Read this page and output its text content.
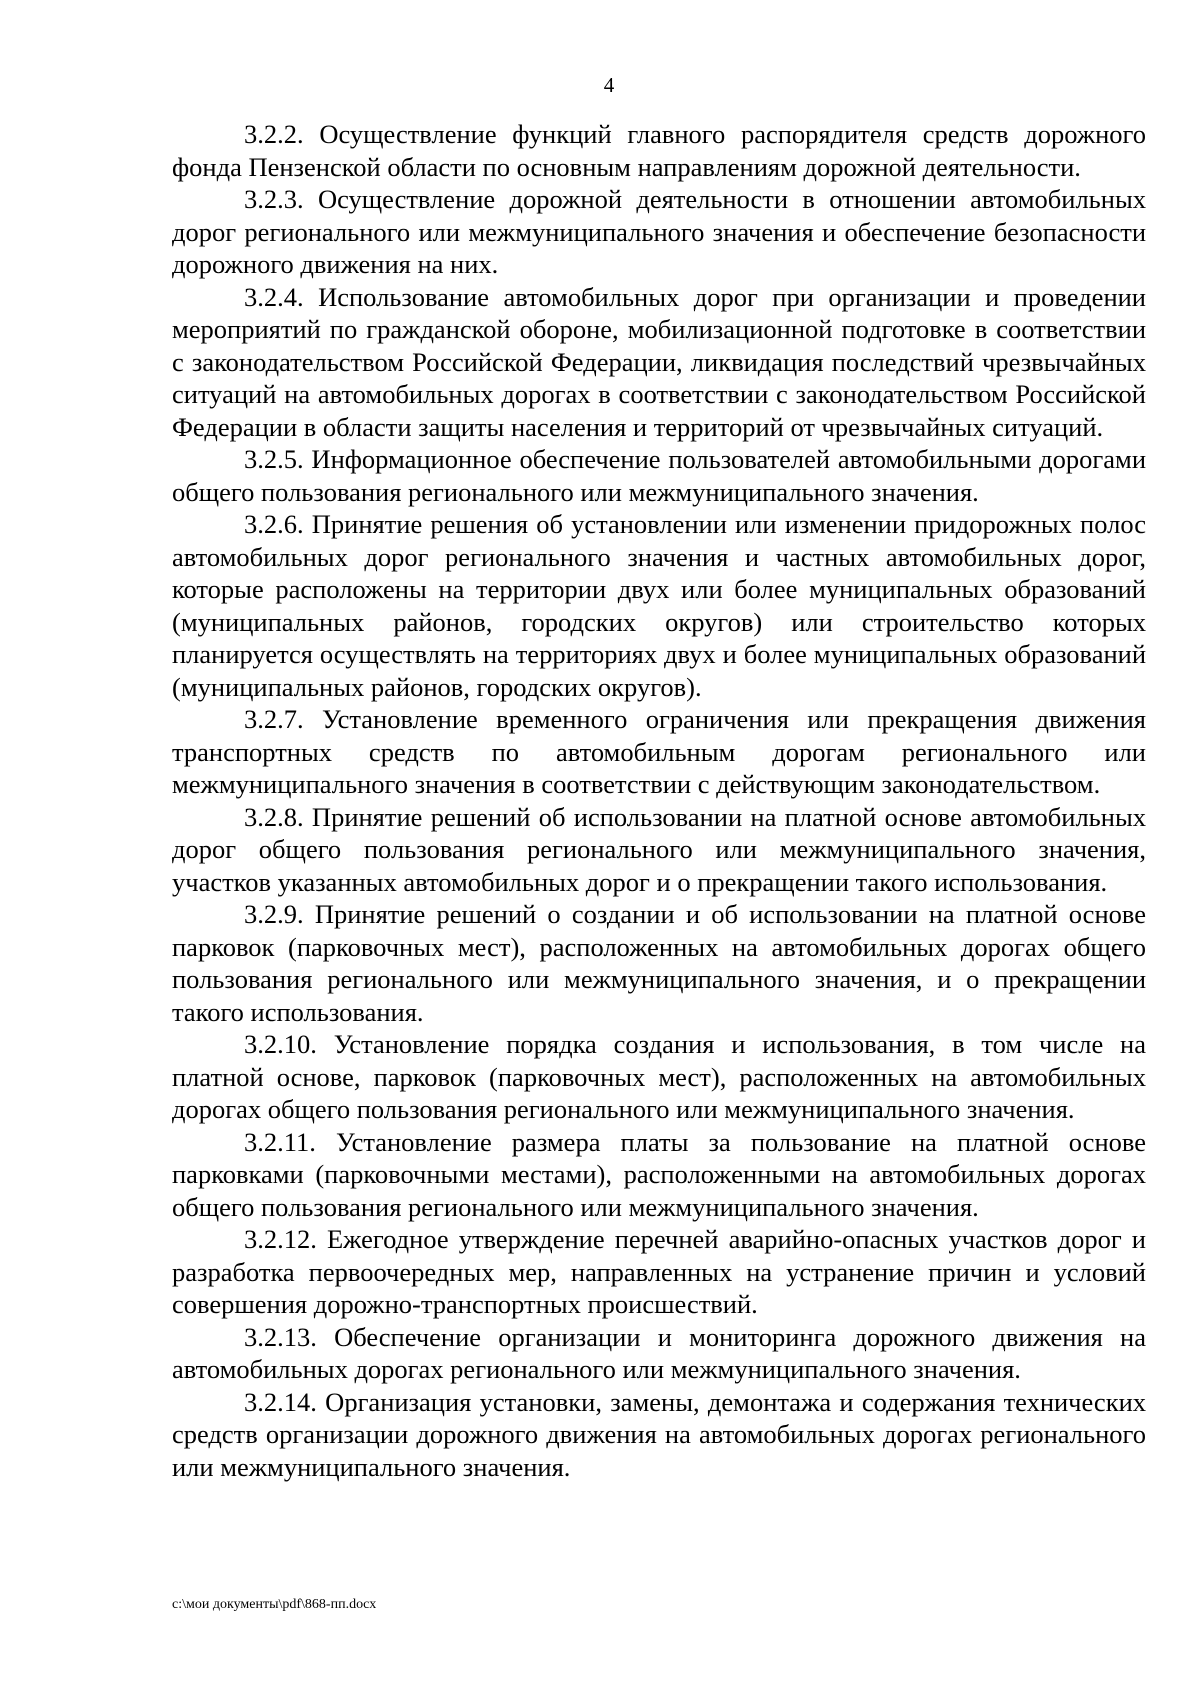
4

3.2.2. Осуществление функций главного распорядителя средств дорожного фонда Пензенской области по основным направлениям дорожной деятельности.

3.2.3. Осуществление дорожной деятельности в отношении автомобильных дорог регионального или межмуниципального значения и обеспечение безопасности дорожного движения на них.

3.2.4. Использование автомобильных дорог при организации и проведении мероприятий по гражданской обороне, мобилизационной подготовке в соответствии с законодательством Российской Федерации, ликвидация последствий чрезвычайных ситуаций на автомобильных дорогах в соответствии с законодательством Российской Федерации в области защиты населения и территорий от чрезвычайных ситуаций.

3.2.5. Информационное обеспечение пользователей автомобильными дорогами общего пользования регионального или межмуниципального значения.

3.2.6. Принятие решения об установлении или изменении придорожных полос автомобильных дорог регионального значения и частных автомобильных дорог, которые расположены на территории двух или более муниципальных образований (муниципальных районов, городских округов) или строительство которых планируется осуществлять на территориях двух и более муниципальных образований (муниципальных районов, городских округов).

3.2.7. Установление временного ограничения или прекращения движения транспортных средств по автомобильным дорогам регионального или межмуниципального значения в соответствии с действующим законодательством.

3.2.8. Принятие решений об использовании на платной основе автомобильных дорог общего пользования регионального или межмуниципального значения, участков указанных автомобильных дорог и о прекращении такого использования.

3.2.9. Принятие решений о создании и об использовании на платной основе парковок (парковочных мест), расположенных на автомобильных дорогах общего пользования регионального или межмуниципального значения, и о прекращении такого использования.

3.2.10. Установление порядка создания и использования, в том числе на платной основе, парковок (парковочных мест), расположенных на автомобильных дорогах общего пользования регионального или межмуниципального значения.

3.2.11. Установление размера платы за пользование на платной основе парковками (парковочными местами), расположенными на автомобильных дорогах общего пользования регионального или межмуниципального значения.

3.2.12. Ежегодное утверждение перечней аварийно-опасных участков дорог и разработка первоочередных мер, направленных на устранение причин и условий совершения дорожно-транспортных происшествий.

3.2.13. Обеспечение организации и мониторинга дорожного движения на автомобильных дорогах регионального или межмуниципального значения.

3.2.14. Организация установки, замены, демонтажа и содержания технических средств организации дорожного движения на автомобильных дорогах регионального или межмуниципального значения.

c:\мои документы\pdf\868-пп.docx
